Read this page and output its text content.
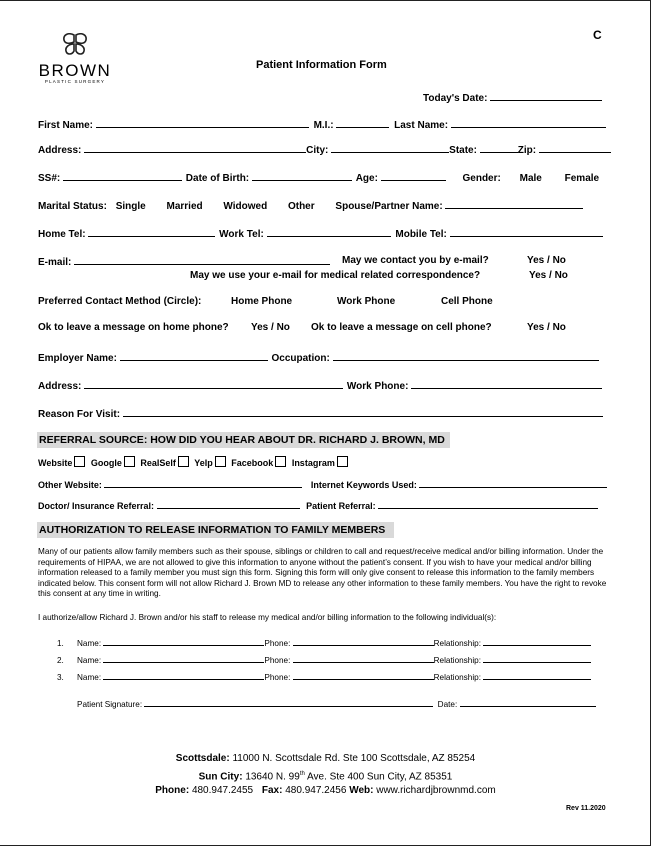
C
BROWN
PLASTIC SURGERY
Patient Information Form
Today's Date:
First Name:	M.I.:	Last Name:
Address:	City:	State:	Zip:
SS#:	Date of Birth:	Age:	Gender: Male Female
Marital Status: Single Married Widowed Other Spouse/Partner Name:
Home Tel:	Work Tel:	Mobile Tel:
E-mail:	May we contact you by e-mail?	Yes / No
May we use your e-mail for medical related correspondence?	Yes / No
Preferred Contact Method (Circle):	Home Phone	Work Phone	Cell Phone
Ok to leave a message on home phone? Yes / No Ok to leave a message on cell phone?	Yes / No
Employer Name:	Occupation:
Address:	Work Phone:
Reason For Visit:
REFERRAL SOURCE: HOW DID YOU HEAR ABOUT DR. RICHARD J. BROWN, MD
Website Google RealSelf Yelp Facebook Instagram
Other Website:	Internet Keywords Used:
Doctor/ Insurance Referral:	Patient Referral:
AUTHORIZATION TO RELEASE INFORMATION TO FAMILY MEMBERS
Many of our patients allow family members such as their spouse, siblings or children to call and request/receive medical and/or billing information. Under the requirements of HIPAA, we are not allowed to give this information to anyone without the patient’s consent. If you wish to have your medical and/or billing information released to a family member you must sign this form. Signing this form will only give consent to release this information to the family members indicated below. This consent form will not allow Richard J. Brown MD to release any other information to these family members. You have the right to revoke this consent at any time in writing.
I authorize/allow Richard J. Brown and/or his staff to release my medical and/or billing information to the following individual(s):
1. Name:	Phone:	Relationship:
2. Name:	Phone:	Relationship:
3. Name:	Phone:	Relationship:
Patient Signature:	Date:
Scottsdale: 11000 N. Scottsdale Rd. Ste 100 Scottsdale, AZ 85254
Sun City: 13640 N. 99th Ave. Ste 400 Sun City, AZ 85351
Phone: 480.947.2455 Fax: 480.947.2456 Web: www.richardjbrownmd.com
Rev 11.2020
